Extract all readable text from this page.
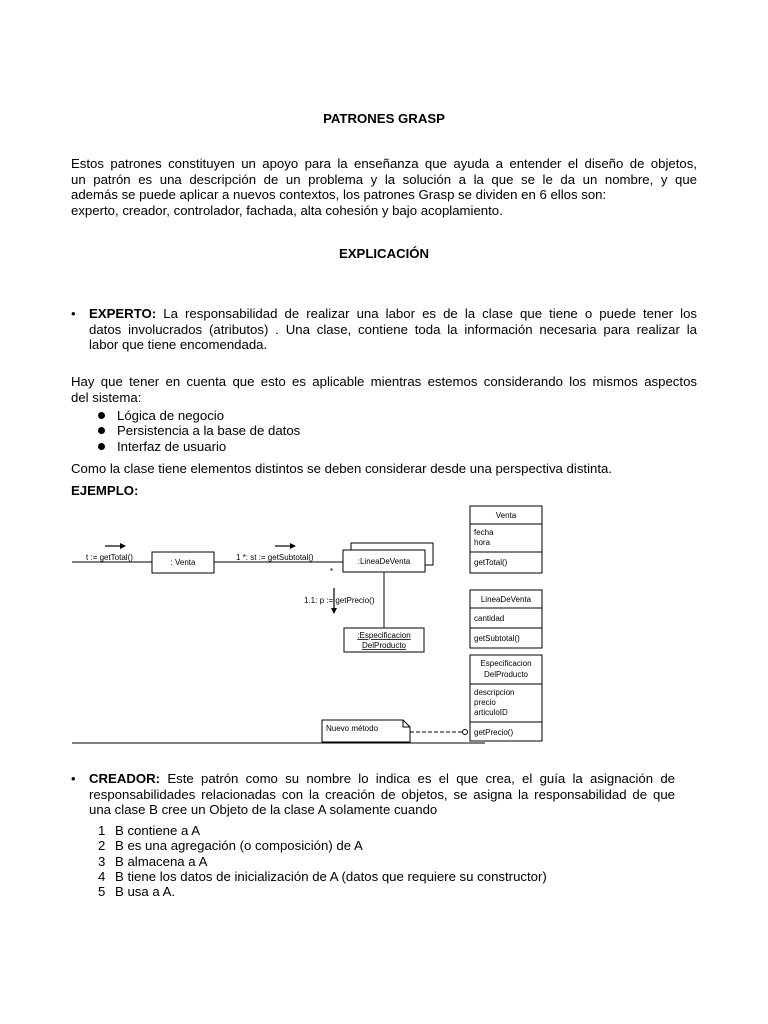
PATRONES GRASP
Estos patrones constituyen un apoyo para la enseñanza que ayuda a entender el diseño de objetos,
un patrón es una descripción de un problema y la solución a la que se le da un nombre, y que
además se puede aplicar a nuevos contextos, los patrones Grasp se dividen en 6 ellos son:
experto, creador, controlador, fachada, alta cohesión y bajo acoplamiento.
EXPLICACIÓN
• EXPERTO: La responsabilidad de realizar una labor es de la clase que tiene o puede tener los
datos involucrados (atributos) . Una clase, contiene toda la información necesaria para realizar la
labor que tiene encomendada.
Hay que tener en cuenta que esto es aplicable mientras estemos considerando los mismos aspectos
del sistema:
Lógica de negocio
Persistencia a la base de datos
Interfaz de usuario
Como la clase tiene elementos distintos se deben considerar desde una perspectiva distinta.
EJEMPLO:
t := getTotal()
: Venta
1 *: st := getSubtotal()	:LineaDeVenta
*
1.1: p := getPrecio()
:Especificacion
DelProducto
Nuevo método
Venta
fecha
hora
getTotal()
LineaDeVenta
cantidad
getSubtotal()
Especificacion
DelProducto
descripcion
precio
articuloID
getPrecio()
• CREADOR: Este patrón como su nombre lo indica es el que crea, el guía la asignación de
responsabilidades relacionadas con la creación de objetos, se asigna la responsabilidad de que
una clase B cree un Objeto de la clase A solamente cuando
1 B contiene a A
2 B es una agregación (o composición) de A
3 B almacena a A
4 B tiene los datos de inicialización de A (datos que requiere su constructor)
5 B usa a A.
